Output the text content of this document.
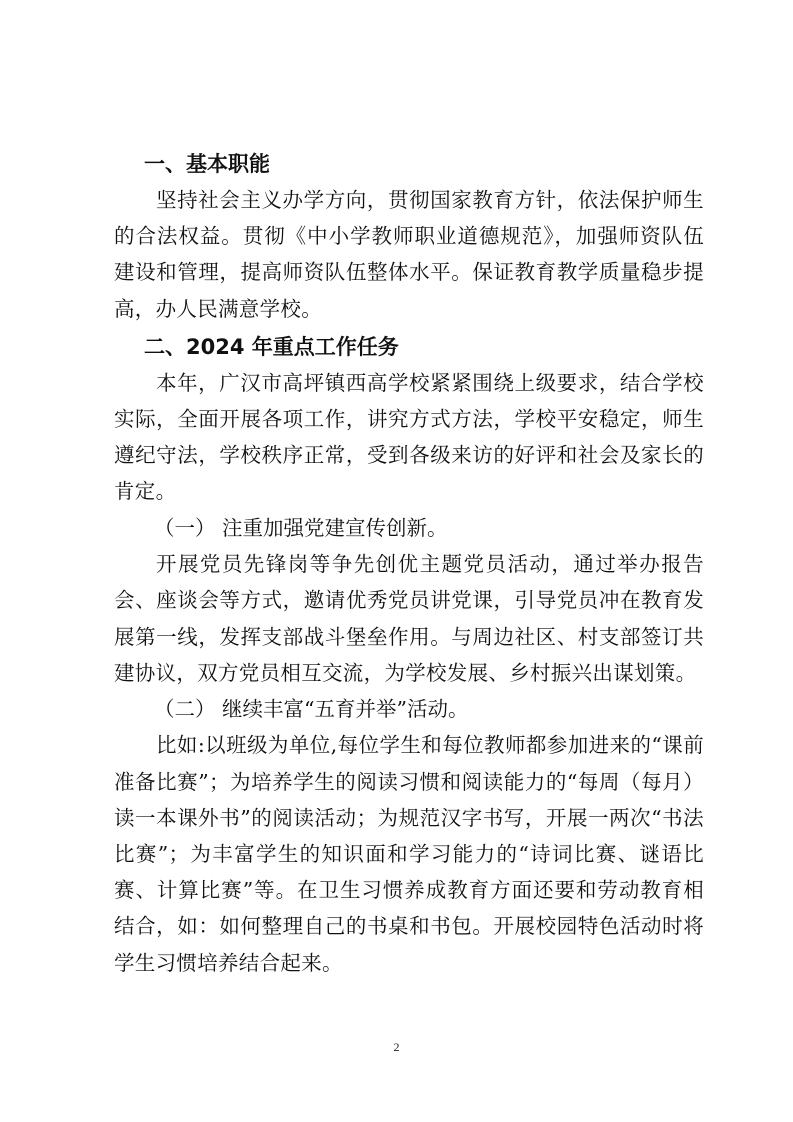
一、基本职能

坚持社会主义办学方向，贯彻国家教育方针，依法保护师生的合法权益。贯彻《中小学教师职业道德规范》，加强师资队伍建设和管理，提高师资队伍整体水平。保证教育教学质量稳步提高，办人民满意学校。

二、2024 年重点工作任务

本年，广汉市高坪镇西高学校紧紧围绕上级要求，结合学校实际，全面开展各项工作，讲究方式方法，学校平安稳定，师生遵纪守法，学校秩序正常，受到各级来访的好评和社会及家长的肯定。

（一） 注重加强党建宣传创新。

开展党员先锋岗等争先创优主题党员活动，通过举办报告会、座谈会等方式，邀请优秀党员讲党课，引导党员冲在教育发展第一线，发挥支部战斗堡垒作用。与周边社区、村支部签订共建协议，双方党员相互交流，为学校发展、乡村振兴出谋划策。

（二） 继续丰富“五育并举”活动。

比如:以班级为单位,每位学生和每位教师都参加进来的“课前准备比赛”；为培养学生的阅读习惯和阅读能力的“每周（每月）读一本课外书”的阅读活动；为规范汉字书写，开展一两次“书法比赛”；为丰富学生的知识面和学习能力的“诗词比赛、谜语比赛、计算比赛”等。在卫生习惯养成教育方面还要和劳动教育相结合，如：如何整理自己的书桌和书包。开展校园特色活动时将学生习惯培养结合起来。

2
